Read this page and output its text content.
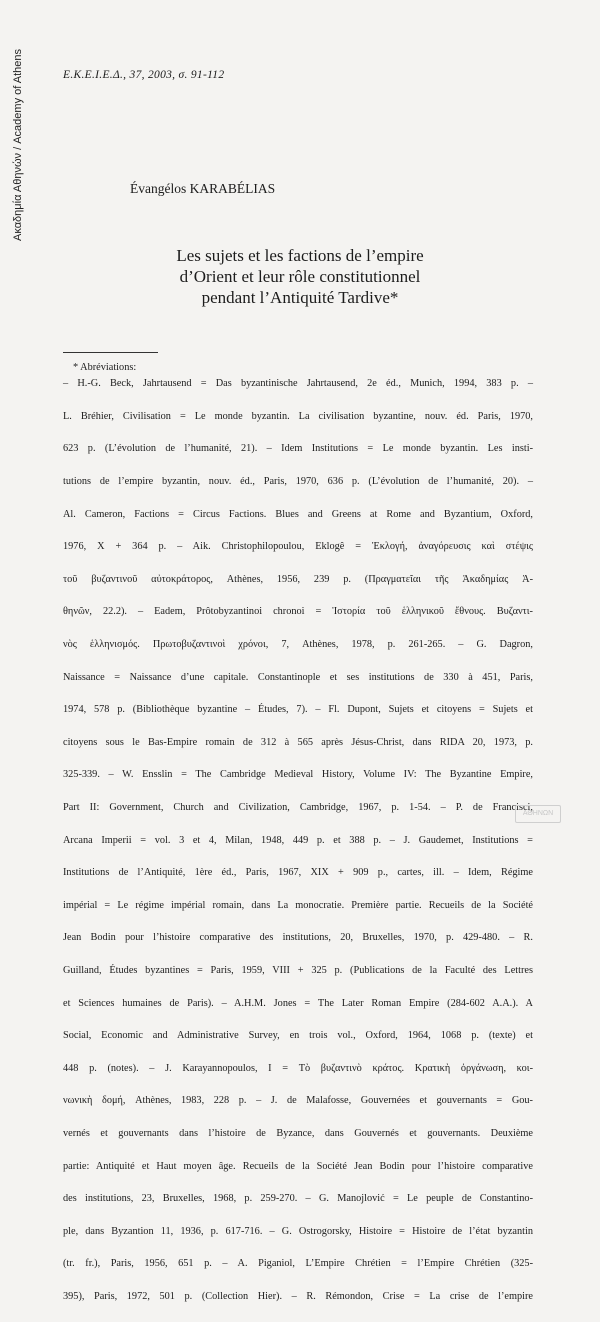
Ακαδημία Αθηνών / Academy of Athens	Ε.Κ.Ε.Ι.Ε.Δ., 37, 2003, σ. 91-112
Évangélos KARABÉLIAS
Les sujets et les factions de l’empire
d’Orient et leur rôle constitutionnel
pendant l’Antiquité Tardive*
* Abréviations:

– H.-G. Beck, Jahrtausend = Das byzantinische Jahrtausend, 2e éd., Munich, 1994, 383 p. –

L. Bréhier, Civilisation = Le monde byzantin. La civilisation byzantine, nouv. éd. Paris, 1970,

623 p. (L’évolution de l’humanité, 21). – Idem Institutions = Le monde byzantin. Les insti-

tutions de l’empire byzantin, nouv. éd., Paris, 1970, 636 p. (L’évolution de l’humanité, 20). –

Al. Cameron, Factions = Circus Factions. Blues and Greens at Rome and Byzantium, Oxford,

1976, X + 364 p. – Aik. Christophilopoulou, Eklogê = Ἐκλογή, ἀναγόρευσις καὶ στέψις

τοῦ βυζαντινοῦ αὐτοκράτορος, Athènes, 1956, 239 p. (Πραγματεῖαι τῆς Ἀκαδημίας Ἀ-

θηνῶν, 22.2). – Eadem, Prôtobyzantinoi chronoi = Ἱστορία τοῦ ἑλληνικοῦ ἔθνους. Βυζαντι-

νὸς ἑλληνισμός. Πρωτοβυζαντινοὶ χρόνοι, 7, Athènes, 1978, p. 261-265. – G. Dagron,

Naissance = Naissance d’une capitale. Constantinople et ses institutions de 330 à 451, Paris,

1974, 578 p. (Bibliothèque byzantine – Études, 7). – Fl. Dupont, Sujets et citoyens = Sujets et

citoyens sous le Bas-Empire romain de 312 à 565 après Jésus-Christ, dans RIDA 20, 1973, p.

325-339. – W. Ensslin = The Cambridge Medieval History, Volume IV: The Byzantine Empire,

Part II: Government, Church and Civilization, Cambridge, 1967, p. 1-54. – P. de Francisci,

Arcana Imperii = vol. 3 et 4, Milan, 1948, 449 p. et 388 p. – J. Gaudemet, Institutions =

Institutions de l’Antiquité, 1ère éd., Paris, 1967, XIX + 909 p., cartes, ill. – Idem, Régime

impérial = Le régime impérial romain, dans La monocratie. Première partie. Recueils de la Société

Jean Bodin pour l’histoire comparative des institutions, 20, Bruxelles, 1970, p. 429-480. – R.

Guilland, Études byzantines = Paris, 1959, VIII + 325 p. (Publications de la Faculté des Lettres

et Sciences humaines de Paris). – A.H.M. Jones = The Later Roman Empire (284-602 A.A.). A

Social, Economic and Administrative Survey, en trois vol., Oxford, 1964, 1068 p. (texte) et

448 p. (notes). – J. Karayannopoulos, I = Τὸ βυζαντινὸ κράτος. Κρατικὴ ὀργάνωση, κοι-

νωνικὴ δομή, Athènes, 1983, 228 p. – J. de Malafosse, Gouvernées et gouvernants = Gou-

vernés et gouvernants dans l’histoire de Byzance, dans Gouvernés et gouvernants. Deuxième

partie: Antiquité et Haut moyen âge. Recueils de la Société Jean Bodin pour l’histoire comparative

des institutions, 23, Bruxelles, 1968, p. 259-270. – G. Manojlović = Le peuple de Constantino-

ple, dans Byzantion 11, 1936, p. 617-716. – G. Ostrogorsky, Histoire = Histoire de l’état byzantin

(tr. fr.), Paris, 1956, 651 p. – A. Piganiol, L’Empire Chrétien = l’Empire Chrétien (325-

395), Paris, 1972, 501 p. (Collection Hier). – R. Rémondon, Crise = La crise de l’empire

ΑΘΗΝΩΝ
